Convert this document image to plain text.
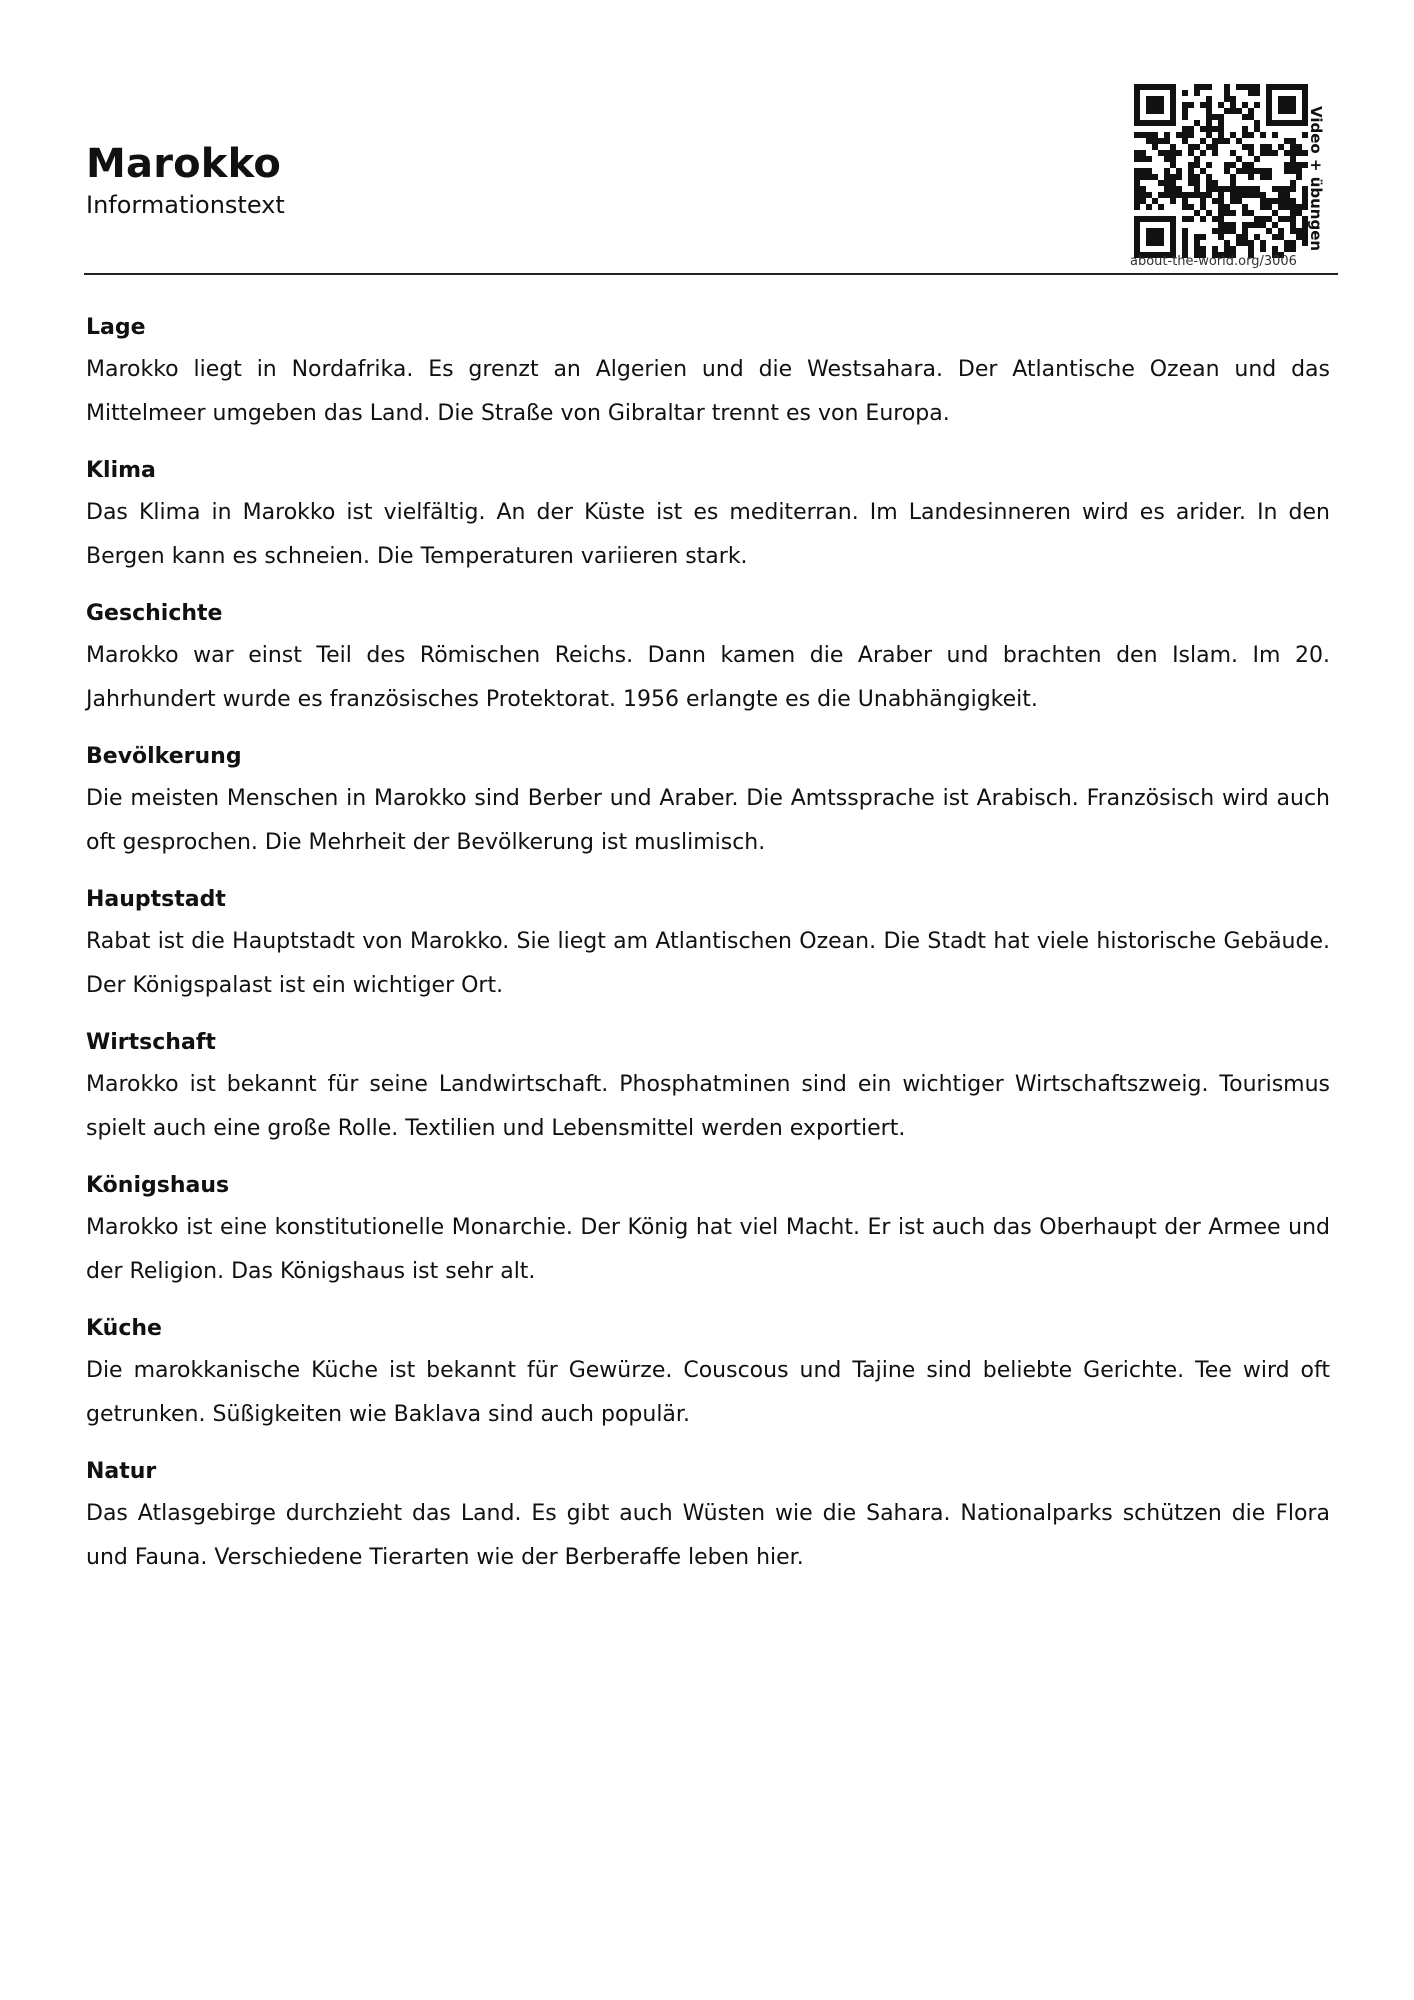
Marokko
Informationstext	Video + übungen
about-the-world.org/3006
Lage

Marokko liegt in Nordafrika. Es grenzt an Algerien und die Westsahara. Der Atlantische Ozean und das Mittelmeer umgeben das Land. Die Straße von Gibraltar trennt es von Europa.

Klima

Das Klima in Marokko ist vielfältig. An der Küste ist es mediterran. Im Landesinneren wird es arider. In den Bergen kann es schneien. Die Temperaturen variieren stark.

Geschichte

Marokko war einst Teil des Römischen Reichs. Dann kamen die Araber und brachten den Islam. Im 20. Jahrhundert wurde es französisches Protektorat. 1956 erlangte es die Unabhängigkeit.

Bevölkerung

Die meisten Menschen in Marokko sind Berber und Araber. Die Amtssprache ist Arabisch. Französisch wird auch oft gesprochen. Die Mehrheit der Bevölkerung ist muslimisch.

Hauptstadt

Rabat ist die Hauptstadt von Marokko. Sie liegt am Atlantischen Ozean. Die Stadt hat viele historische Gebäude. Der Königspalast ist ein wichtiger Ort.

Wirtschaft

Marokko ist bekannt für seine Landwirtschaft. Phosphatminen sind ein wichtiger Wirtschaftszweig. Tourismus spielt auch eine große Rolle. Textilien und Lebensmittel werden exportiert.

Königshaus

Marokko ist eine konstitutionelle Monarchie. Der König hat viel Macht. Er ist auch das Oberhaupt der Armee und der Religion. Das Königshaus ist sehr alt.

Küche

Die marokkanische Küche ist bekannt für Gewürze. Couscous und Tajine sind beliebte Gerichte. Tee wird oft getrunken. Süßigkeiten wie Baklava sind auch populär.

Natur

Das Atlasgebirge durchzieht das Land. Es gibt auch Wüsten wie die Sahara. Nationalparks schützen die Flora und Fauna. Verschiedene Tierarten wie der Berberaffe leben hier.
